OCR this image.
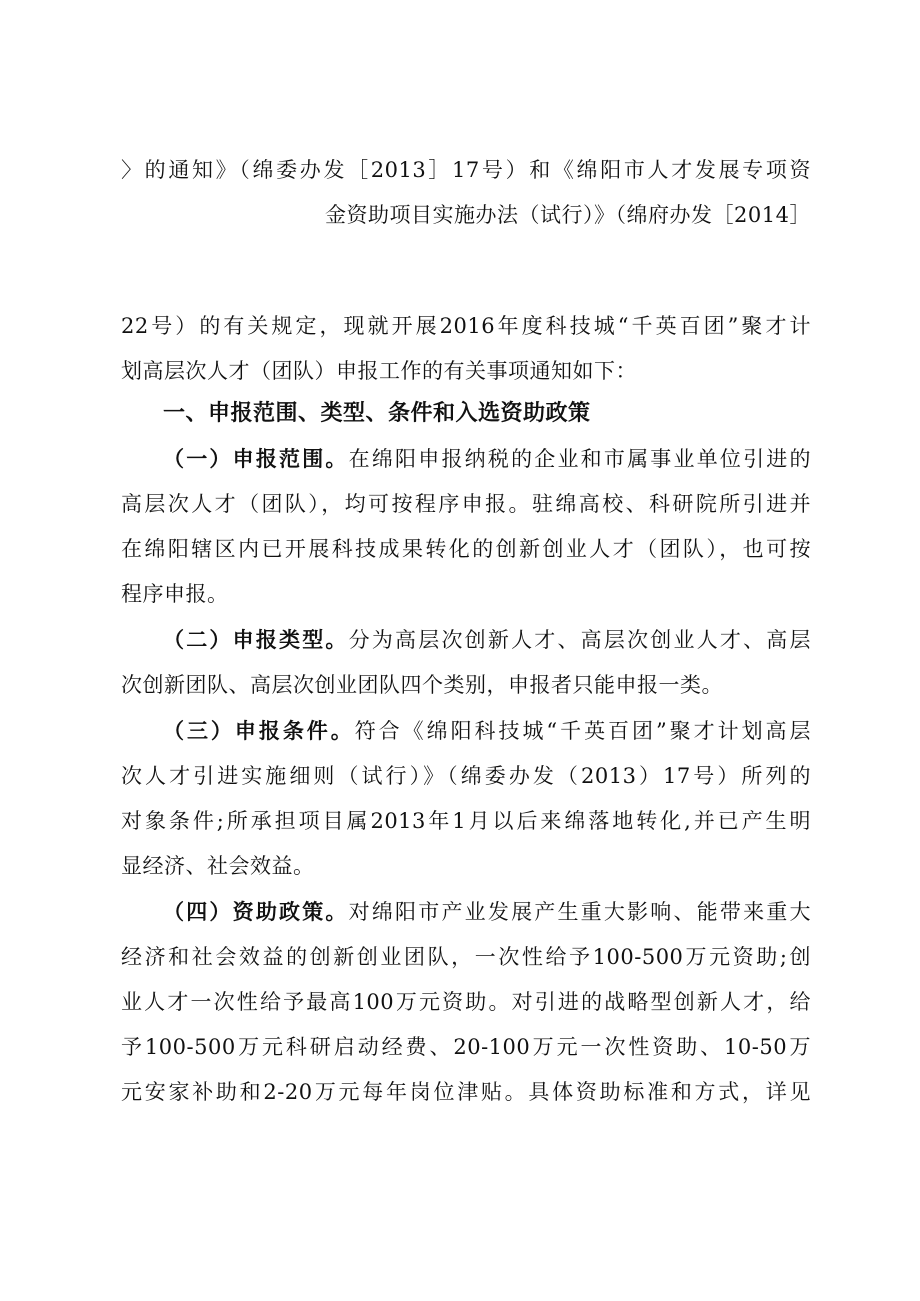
〉的通知》（绵委办发［2013］17号）和《绵阳市人才发展专项资
金资助项目实施办法（试行）》（绵府办发［2014］
22号）的有关规定，现就开展2016年度科技城“千英百团”聚才计
划高层次人才（团队）申报工作的有关事项通知如下：
一、申报范围、类型、条件和入选资助政策
（一）申报范围。在绵阳申报纳税的企业和市属事业单位引进的
高层次人才（团队），均可按程序申报。驻绵高校、科研院所引进并
在绵阳辖区内已开展科技成果转化的创新创业人才（团队），也可按
程序申报。
（二）申报类型。分为高层次创新人才、高层次创业人才、高层
次创新团队、高层次创业团队四个类别，申报者只能申报一类。
（三）申报条件。符合《绵阳科技城“千英百团”聚才计划高层
次人才引进实施细则（试行）》（绵委办发（2013）17号）所列的
对象条件;所承担项目属2013年1月以后来绵落地转化,并已产生明
显经济、社会效益。
（四）资助政策。对绵阳市产业发展产生重大影响、能带来重大
经济和社会效益的创新创业团队，一次性给予100-500万元资助;创
业人才一次性给予最高100万元资助。对引进的战略型创新人才，给
予100-500万元科研启动经费、20-100万元一次性资助、10-50万
元安家补助和2-20万元每年岗位津贴。具体资助标准和方式，详见
